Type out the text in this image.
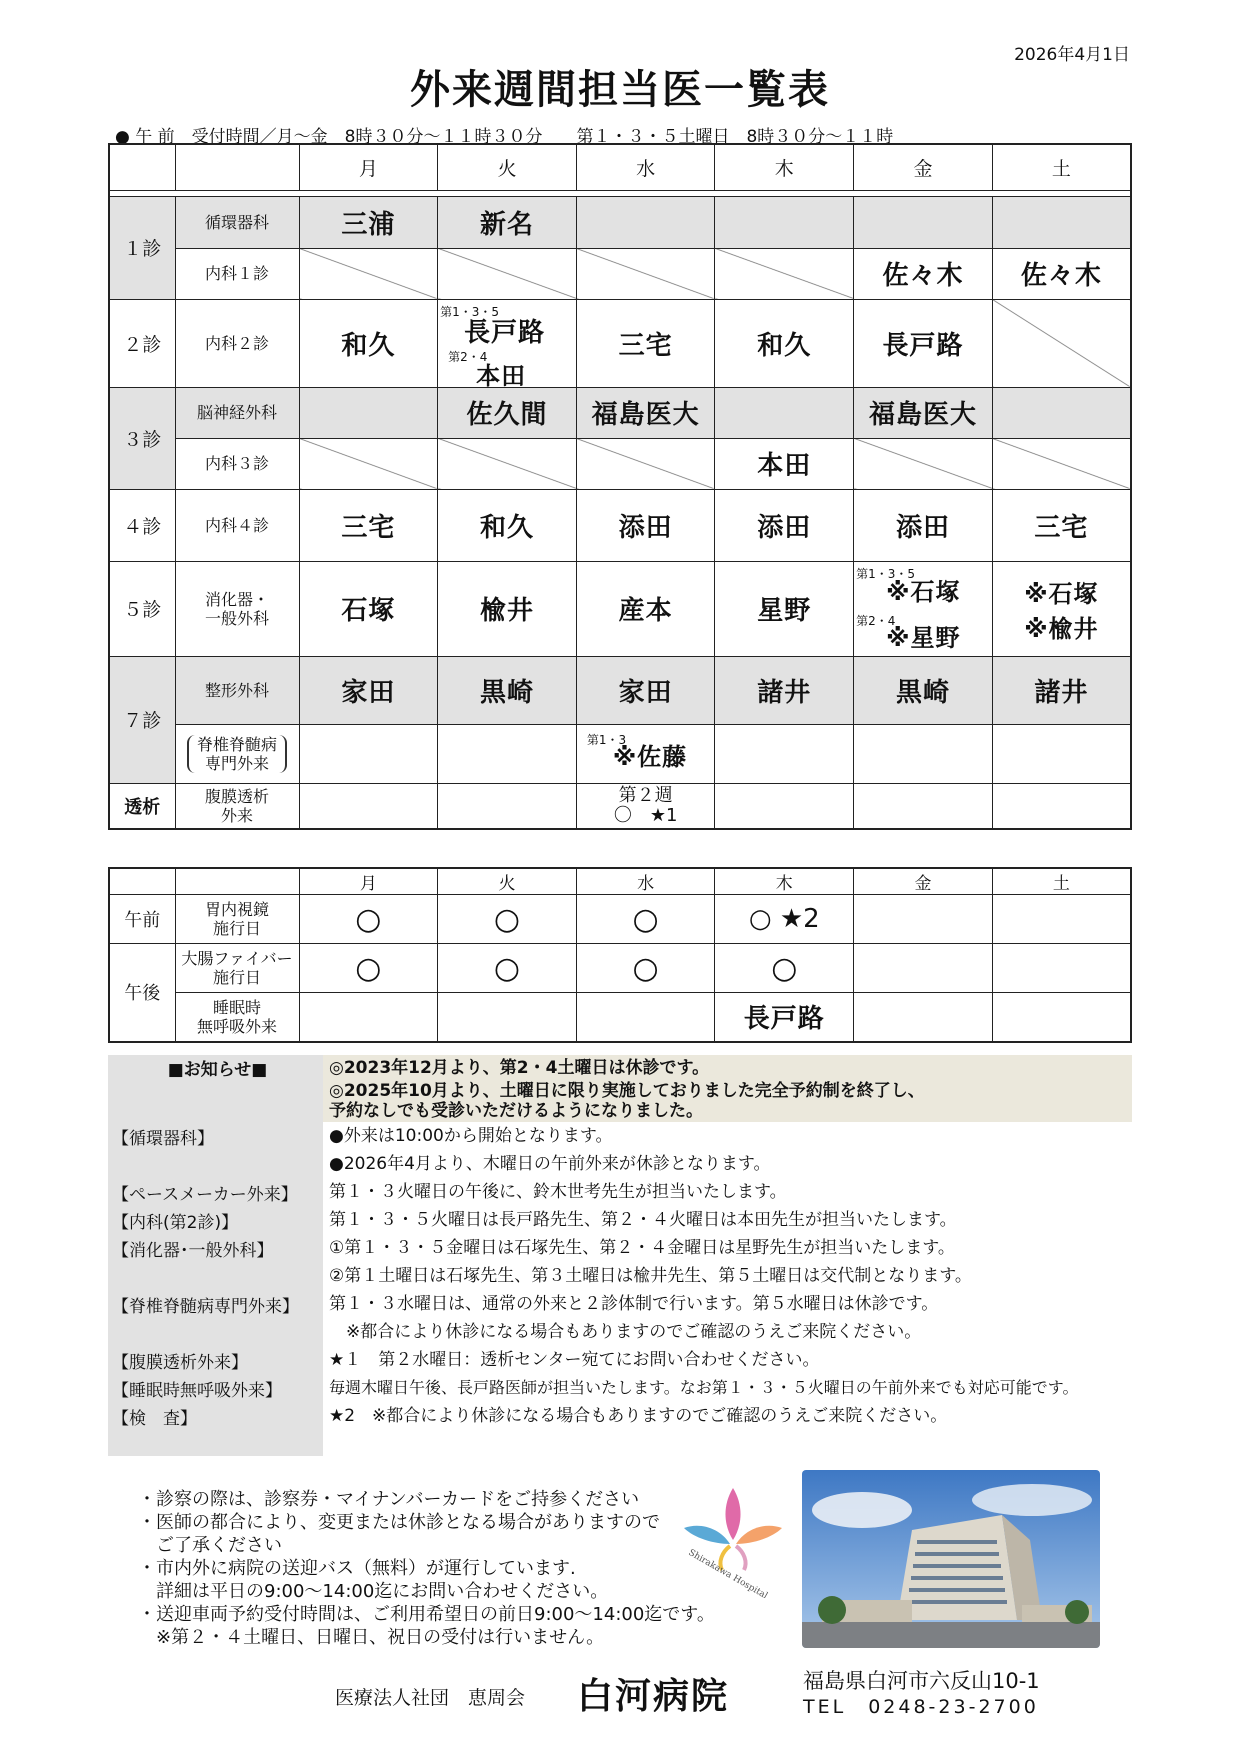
2026年4月1日
外来週間担当医一覧表
● 午 前　受付時間／月～金　8時３０分～１１時３０分　　第１・３・５土曜日　8時３０分～１１時
		月	火	水	木	金	土

１診	循環器科	三浦	新名				
	内科１診					佐々木	佐々木
２診	内科２診	和久	第1・3・5
長戸路
第2・4
本田	三宅	和久	長戸路	
３診	脳神経外科		佐久間	福島医大		福島医大	
	内科３診				本田		
４診	内科４診	三宅	和久	添田	添田	添田	三宅
５診	消化器・
一般外科	石塚	楡井	産本	星野	第1・3・5
※石塚
第2・4
※星野	※石塚
※楡井

７診	整形外科	家田	黒崎	家田	諸井	黒崎	諸井

	脊椎脊髄病
専門外来			第1・3
※佐藤			

透析	腹膜透析
外来			第２週
〇　★1			

		月	火	水	木	金	土
午前	胃内視鏡
施行日	○	○	○	○ ★2		
午後	大腸ファイバー
施行日	○	○	○	○		

	睡眠時
無呼吸外来				長戸路		
■お知らせ■	◎2023年12月より、第2・4土曜日は休診です。

	◎2025年10月より、土曜日に限り実施しておりました完全予約制を終了し、
予約なしでも受診いただけるようになりました。

【循環器科】	●外来は10:00から開始となります。
	●2026年4月より、木曜日の午前外来が休診となります。
【ペースメーカー外来】	第１・３火曜日の午後に、鈴木世考先生が担当いたします。
【内科(第2診)】	第１・３・５火曜日は長戸路先生、第２・４火曜日は本田先生が担当いたします。
【消化器･一般外科】	①第１・３・５金曜日は石塚先生、第２・４金曜日は星野先生が担当いたします。
	②第１土曜日は石塚先生、第３土曜日は楡井先生、第５土曜日は交代制となります。
【脊椎脊髄病専門外来】	第１・３水曜日は、通常の外来と２診体制で行います。第５水曜日は休診です。
	　※都合により休診になる場合もありますのでご確認のうえご来院ください。
【腹膜透析外来】	★１　第２水曜日：透析センター宛てにお問い合わせください。
【睡眠時無呼吸外来】	毎週木曜日午後、長戸路医師が担当いたします。なお第１・３・５火曜日の午前外来でも対応可能です。
【検　査】	★2　※都合により休診になる場合もありますのでご確認のうえご来院ください。

・診察の際は、診察券・マイナンバーカードをご持参ください
・医師の都合により、変更または休診となる場合がありますので
　ご了承ください
・市内外に病院の送迎バス（無料）が運行しています.
　詳細は平日の9:00～14:00迄にお問い合わせください。
・送迎車両予約受付時間は、ご利用希望日の前日9:00～14:00迄です。
　※第２・４土曜日、日曜日、祝日の受付は行いません。
Shirakawa Hospital
医療法人社団　恵周会 白河病院	福島県白河市六反山10-1
TEL　0248-23-2700
